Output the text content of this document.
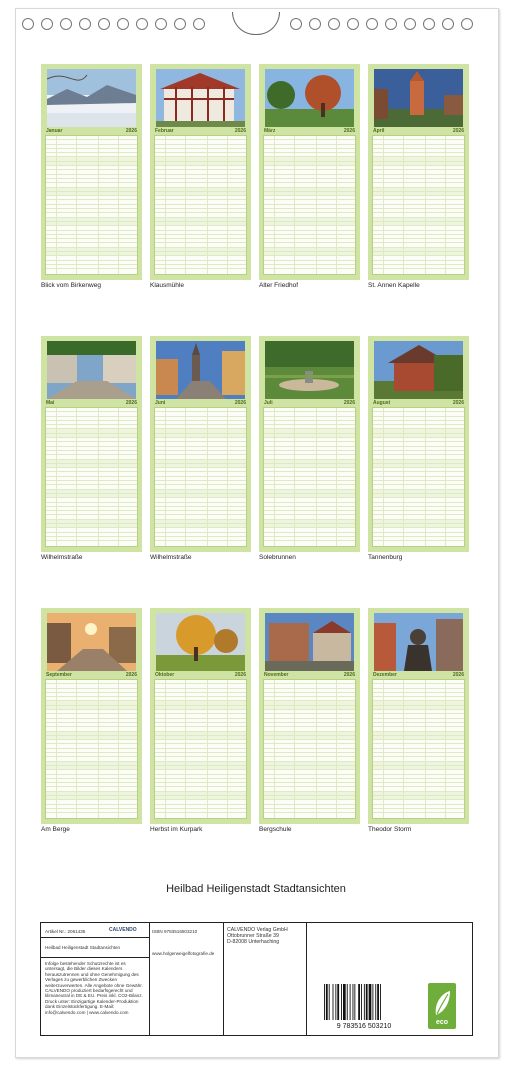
Januar	2026
Blick vom Birkenweg
Februar	2026
Klausmühle
März	2026
Alter Friedhof
April	2026
St. Annen Kapelle
Mai	2026
Wilhelmstraße
Juni	2026
Wilhelmstraße
Juli	2026
Solebrunnen
August	2026
Tannenburg
September	2026
Am Berge
Oktober	2026
Herbst im Kurpark
November	2026
Bergschule
Dezember	2026
Theodor Storm
Heilbad Heiligenstadt Stadtansichten
Artikel Nr.: 2061435	CALVENDO
Heilbad Heiligenstadt Stadtansichten
Infolge bestehender Schutzrechte ist es untersagt, die Bilder dieses Kalenders herauszutrennen und ohne Genehmigung des Verlages zu gewerblichen Zwecken weiterzuverwerten. Alle Angebote ohne Gewähr. CALVENDO produziert bedarfsgerecht und klimaneutral in DE & EU. Preis inkl. CO2-Bilanz. Druck unter: Einzigartige Kalender-Produktion dank Einzelstückfertigung. E-Mail: info@calvendo.com | www.calvendo.com
ISBN 9783516503210
www.holgerweigelfotografie.de
CALVENDO Verlag GmbH
Ottobrunner Straße 39
D-82008 Unterhaching
9 783516 503210
eco
